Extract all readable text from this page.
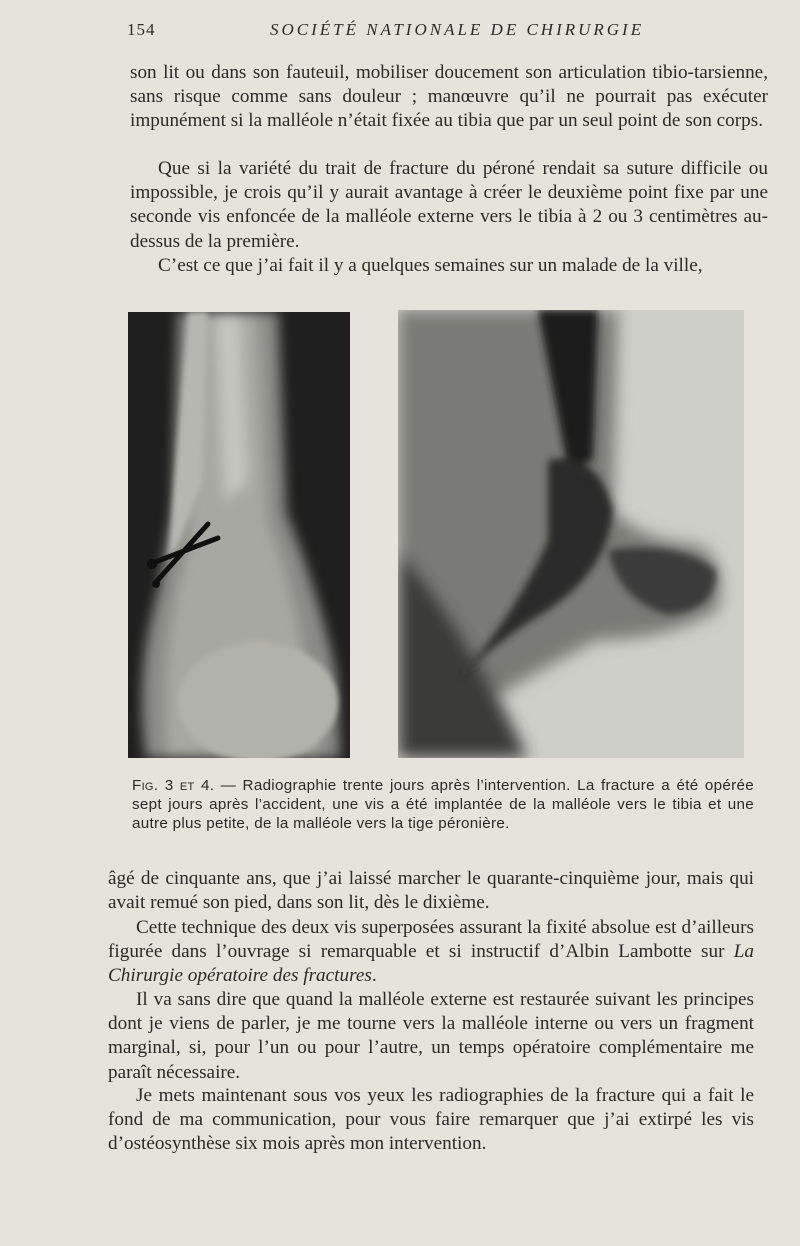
154	SOCIÉTÉ NATIONALE DE CHIRURGIE

son lit ou dans son fauteuil, mobiliser doucement son articulation tibio-tarsienne, sans risque comme sans douleur ; manœuvre qu’il ne pourrait pas exécuter impunément si la malléole n’était fixée au tibia que par un seul point de son corps.

Que si la variété du trait de fracture du péroné rendait sa suture difficile ou impossible, je crois qu’il y aurait avantage à créer le deuxième point fixe par une seconde vis enfoncée de la malléole externe vers le tibia à 2 ou 3 centimètres au-dessus de la première.

C’est ce que j’ai fait il y a quelques semaines sur un malade de la ville,

Fig. 3 et 4. — Radiographie trente jours après l’intervention. La fracture a été opérée sept jours après l’accident, une vis a été implantée de la malléole vers le tibia et une autre plus petite, de la malléole vers la tige péronière.

âgé de cinquante ans, que j’ai laissé marcher le quarante-cinquième jour, mais qui avait remué son pied, dans son lit, dès le dixième.

Cette technique des deux vis superposées assurant la fixité absolue est d’ailleurs figurée dans l’ouvrage si remarquable et si instructif d’Albin Lambotte sur La Chirurgie opératoire des fractures.

Il va sans dire que quand la malléole externe est restaurée suivant les principes dont je viens de parler, je me tourne vers la malléole interne ou vers un fragment marginal, si, pour l’un ou pour l’autre, un temps opératoire complémentaire me paraît nécessaire.

Je mets maintenant sous vos yeux les radiographies de la fracture qui a fait le fond de ma communication, pour vous faire remarquer que j’ai extirpé les vis d’ostéosynthèse six mois après mon intervention.
